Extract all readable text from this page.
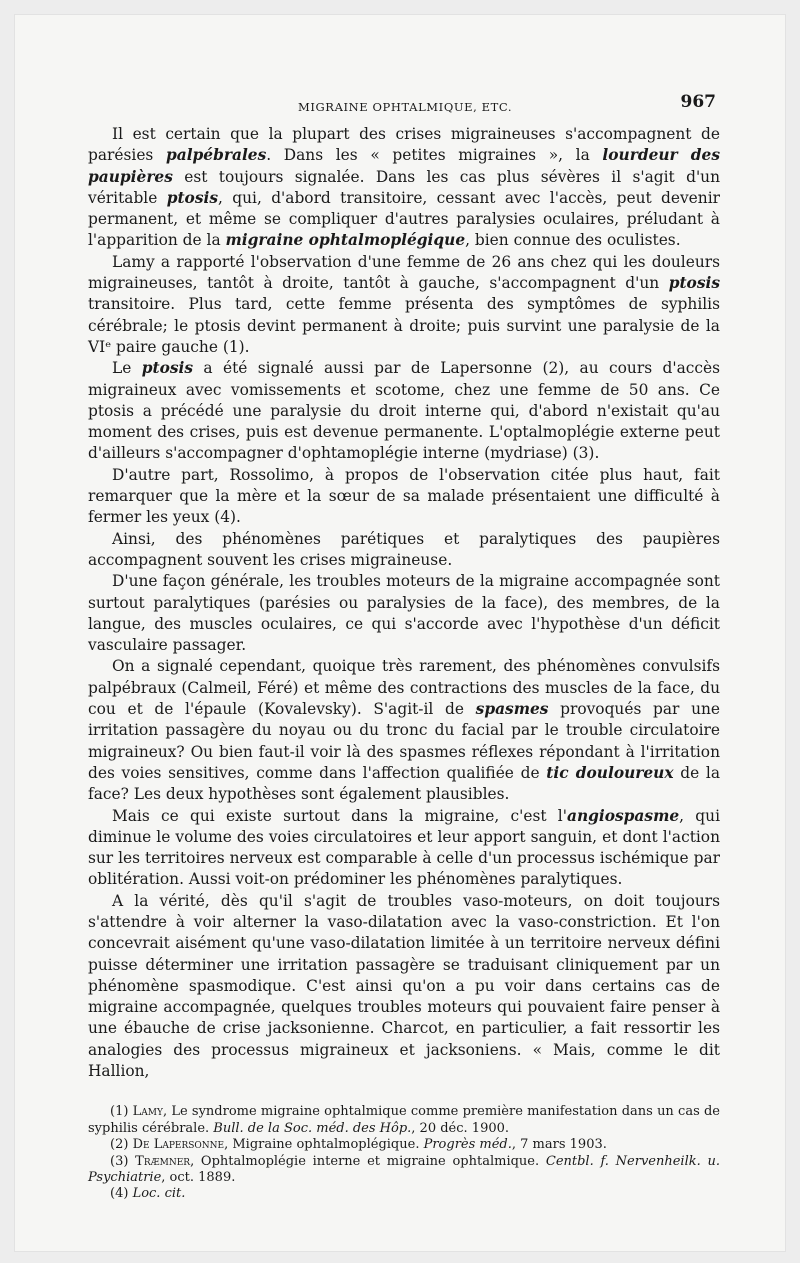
MIGRAINE OPHTALMIQUE, ETC.	967

Il est certain que la plupart des crises migraineuses s'accompagnent de parésies palpébrales. Dans les « petites migraines », la lourdeur des paupières est toujours signalée. Dans les cas plus sévères il s'agit d'un véritable ptosis, qui, d'abord transitoire, cessant avec l'accès, peut devenir permanent, et même se compliquer d'autres paralysies oculaires, préludant à l'apparition de la migraine ophtalmoplégique, bien connue des oculistes.

Lamy a rapporté l'observation d'une femme de 26 ans chez qui les douleurs migraineuses, tantôt à droite, tantôt à gauche, s'accompagnent d'un ptosis transitoire. Plus tard, cette femme présenta des symptômes de syphilis cérébrale; le ptosis devint permanent à droite; puis survint une paralysie de la VIᵉ paire gauche (1).

Le ptosis a été signalé aussi par de Lapersonne (2), au cours d'accès migraineux avec vomissements et scotome, chez une femme de 50 ans. Ce ptosis a précédé une paralysie du droit interne qui, d'abord n'existait qu'au moment des crises, puis est devenue permanente. L'optalmoplégie externe peut d'ailleurs s'accompagner d'ophtamoplégie interne (mydriase) (3).

D'autre part, Rossolimo, à propos de l'observation citée plus haut, fait remarquer que la mère et la sœur de sa malade présentaient une difficulté à fermer les yeux (4).

Ainsi, des phénomènes parétiques et paralytiques des paupières accompagnent souvent les crises migraineuse.

D'une façon générale, les troubles moteurs de la migraine accompagnée sont surtout paralytiques (parésies ou paralysies de la face), des membres, de la langue, des muscles oculaires, ce qui s'accorde avec l'hypothèse d'un déficit vasculaire passager.

On a signalé cependant, quoique très rarement, des phénomènes convulsifs palpébraux (Calmeil, Féré) et même des contractions des muscles de la face, du cou et de l'épaule (Kovalevsky). S'agit-il de spasmes provoqués par une irritation passagère du noyau ou du tronc du facial par le trouble circulatoire migraineux? Ou bien faut-il voir là des spasmes réflexes répondant à l'irritation des voies sensitives, comme dans l'affection qualifiée de tic douloureux de la face? Les deux hypothèses sont également plausibles.

Mais ce qui existe surtout dans la migraine, c'est l'angiospasme, qui diminue le volume des voies circulatoires et leur apport sanguin, et dont l'action sur les territoires nerveux est comparable à celle d'un processus ischémique par oblitération. Aussi voit-on prédominer les phénomènes paralytiques.

A la vérité, dès qu'il s'agit de troubles vaso-moteurs, on doit toujours s'attendre à voir alterner la vaso-dilatation avec la vaso-constriction. Et l'on concevrait aisément qu'une vaso-dilatation limitée à un territoire nerveux défini puisse déterminer une irritation passagère se traduisant cliniquement par un phénomène spasmodique. C'est ainsi qu'on a pu voir dans certains cas de migraine accompagnée, quelques troubles moteurs qui pouvaient faire penser à une ébauche de crise jacksonienne. Charcot, en particulier, a fait ressortir les analogies des processus migraineux et jacksoniens. « Mais, comme le dit Hallion,

(1) Lamy, Le syndrome migraine ophtalmique comme première manifestation dans un cas de syphilis cérébrale. Bull. de la Soc. méd. des Hôp., 20 déc. 1900.

(2) De Lapersonne, Migraine ophtalmoplégique. Progrès méd., 7 mars 1903.

(3) Træmner, Ophtalmoplégie interne et migraine ophtalmique. Centbl. f. Nervenheilk. u. Psychiatrie, oct. 1889.

(4) Loc. cit.
